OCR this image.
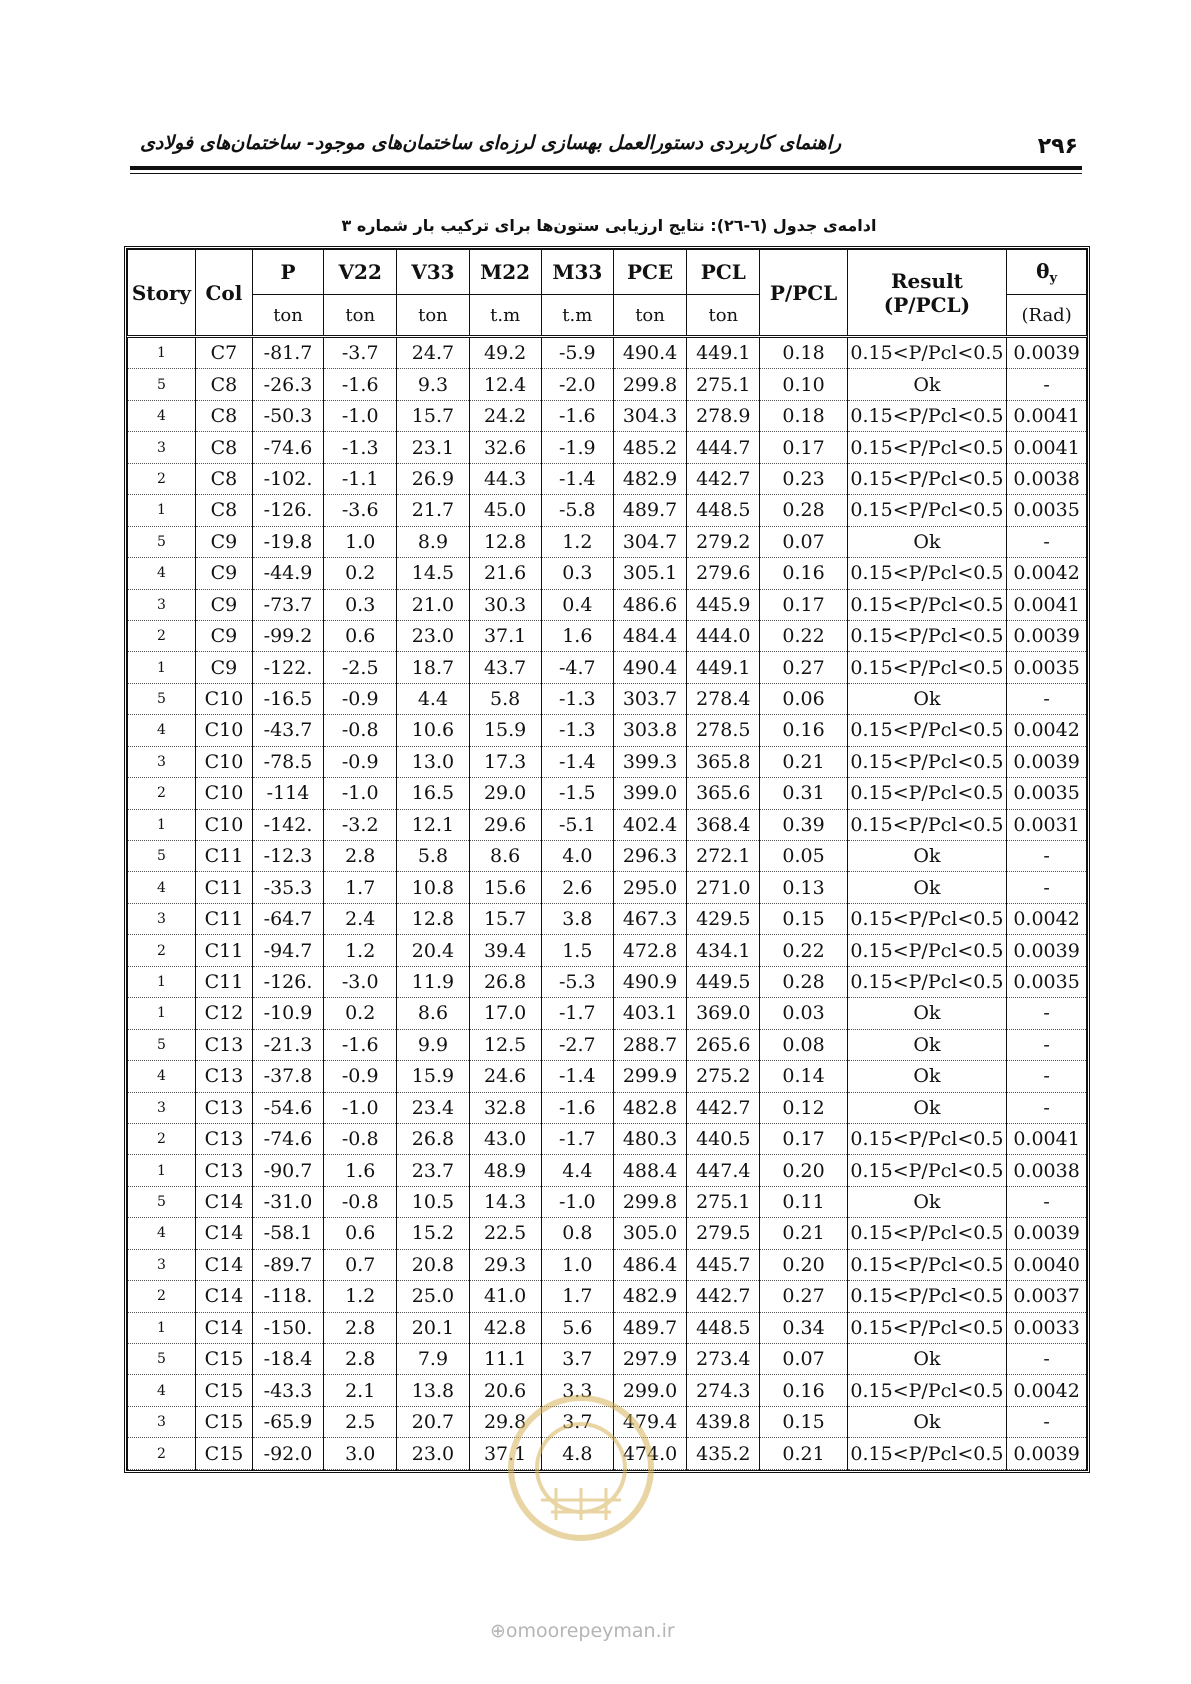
راهنمای کاربردی دستورالعمل بهسازی لرزه‌ای ساختمان‌های موجود- ساختمان‌های فولادی	۲۹۶
ادامه‌ی جدول (٦-٢٦): نتایج ارزیابی ستون‌ها برای ترکیب بار شماره ٣
Story	Col	P	V22	V33	M22	M33	PCE	PCL	P/PCL	Result
(P/PCL)	$\theta_y$
		ton	ton	ton	t.m	t.m	ton	ton			(Rad)
1	C7	-81.7	-3.7	24.7	49.2	-5.9	490.4	449.1	0.18	0.15<P/Pcl<0.5	0.0039
5	C8	-26.3	-1.6	9.3	12.4	-2.0	299.8	275.1	0.10	Ok	-
4	C8	-50.3	-1.0	15.7	24.2	-1.6	304.3	278.9	0.18	0.15<P/Pcl<0.5	0.0041
3	C8	-74.6	-1.3	23.1	32.6	-1.9	485.2	444.7	0.17	0.15<P/Pcl<0.5	0.0041
2	C8	-102.	-1.1	26.9	44.3	-1.4	482.9	442.7	0.23	0.15<P/Pcl<0.5	0.0038
1	C8	-126.	-3.6	21.7	45.0	-5.8	489.7	448.5	0.28	0.15<P/Pcl<0.5	0.0035
5	C9	-19.8	1.0	8.9	12.8	1.2	304.7	279.2	0.07	Ok	-
4	C9	-44.9	0.2	14.5	21.6	0.3	305.1	279.6	0.16	0.15<P/Pcl<0.5	0.0042
3	C9	-73.7	0.3	21.0	30.3	0.4	486.6	445.9	0.17	0.15<P/Pcl<0.5	0.0041
2	C9	-99.2	0.6	23.0	37.1	1.6	484.4	444.0	0.22	0.15<P/Pcl<0.5	0.0039
1	C9	-122.	-2.5	18.7	43.7	-4.7	490.4	449.1	0.27	0.15<P/Pcl<0.5	0.0035
5	C10	-16.5	-0.9	4.4	5.8	-1.3	303.7	278.4	0.06	Ok	-
4	C10	-43.7	-0.8	10.6	15.9	-1.3	303.8	278.5	0.16	0.15<P/Pcl<0.5	0.0042
3	C10	-78.5	-0.9	13.0	17.3	-1.4	399.3	365.8	0.21	0.15<P/Pcl<0.5	0.0039
2	C10	-114	-1.0	16.5	29.0	-1.5	399.0	365.6	0.31	0.15<P/Pcl<0.5	0.0035
1	C10	-142.	-3.2	12.1	29.6	-5.1	402.4	368.4	0.39	0.15<P/Pcl<0.5	0.0031
5	C11	-12.3	2.8	5.8	8.6	4.0	296.3	272.1	0.05	Ok	-
4	C11	-35.3	1.7	10.8	15.6	2.6	295.0	271.0	0.13	Ok	-
3	C11	-64.7	2.4	12.8	15.7	3.8	467.3	429.5	0.15	0.15<P/Pcl<0.5	0.0042
2	C11	-94.7	1.2	20.4	39.4	1.5	472.8	434.1	0.22	0.15<P/Pcl<0.5	0.0039
1	C11	-126.	-3.0	11.9	26.8	-5.3	490.9	449.5	0.28	0.15<P/Pcl<0.5	0.0035
1	C12	-10.9	0.2	8.6	17.0	-1.7	403.1	369.0	0.03	Ok	-
5	C13	-21.3	-1.6	9.9	12.5	-2.7	288.7	265.6	0.08	Ok	-
4	C13	-37.8	-0.9	15.9	24.6	-1.4	299.9	275.2	0.14	Ok	-
3	C13	-54.6	-1.0	23.4	32.8	-1.6	482.8	442.7	0.12	Ok	-
2	C13	-74.6	-0.8	26.8	43.0	-1.7	480.3	440.5	0.17	0.15<P/Pcl<0.5	0.0041
1	C13	-90.7	1.6	23.7	48.9	4.4	488.4	447.4	0.20	0.15<P/Pcl<0.5	0.0038
5	C14	-31.0	-0.8	10.5	14.3	-1.0	299.8	275.1	0.11	Ok	-
4	C14	-58.1	0.6	15.2	22.5	0.8	305.0	279.5	0.21	0.15<P/Pcl<0.5	0.0039
3	C14	-89.7	0.7	20.8	29.3	1.0	486.4	445.7	0.20	0.15<P/Pcl<0.5	0.0040
2	C14	-118.	1.2	25.0	41.0	1.7	482.9	442.7	0.27	0.15<P/Pcl<0.5	0.0037
1	C14	-150.	2.8	20.1	42.8	5.6	489.7	448.5	0.34	0.15<P/Pcl<0.5	0.0033
5	C15	-18.4	2.8	7.9	11.1	3.7	297.9	273.4	0.07	Ok	-
4	C15	-43.3	2.1	13.8	20.6	3.3	299.0	274.3	0.16	0.15<P/Pcl<0.5	0.0042
3	C15	-65.9	2.5	20.7	29.8	3.7	479.4	439.8	0.15	Ok	-
2	C15	-92.0	3.0	23.0	37.1	4.8	474.0	435.2	0.21	0.15<P/Pcl<0.5	0.0039
⊕omoorepeyman.ir
